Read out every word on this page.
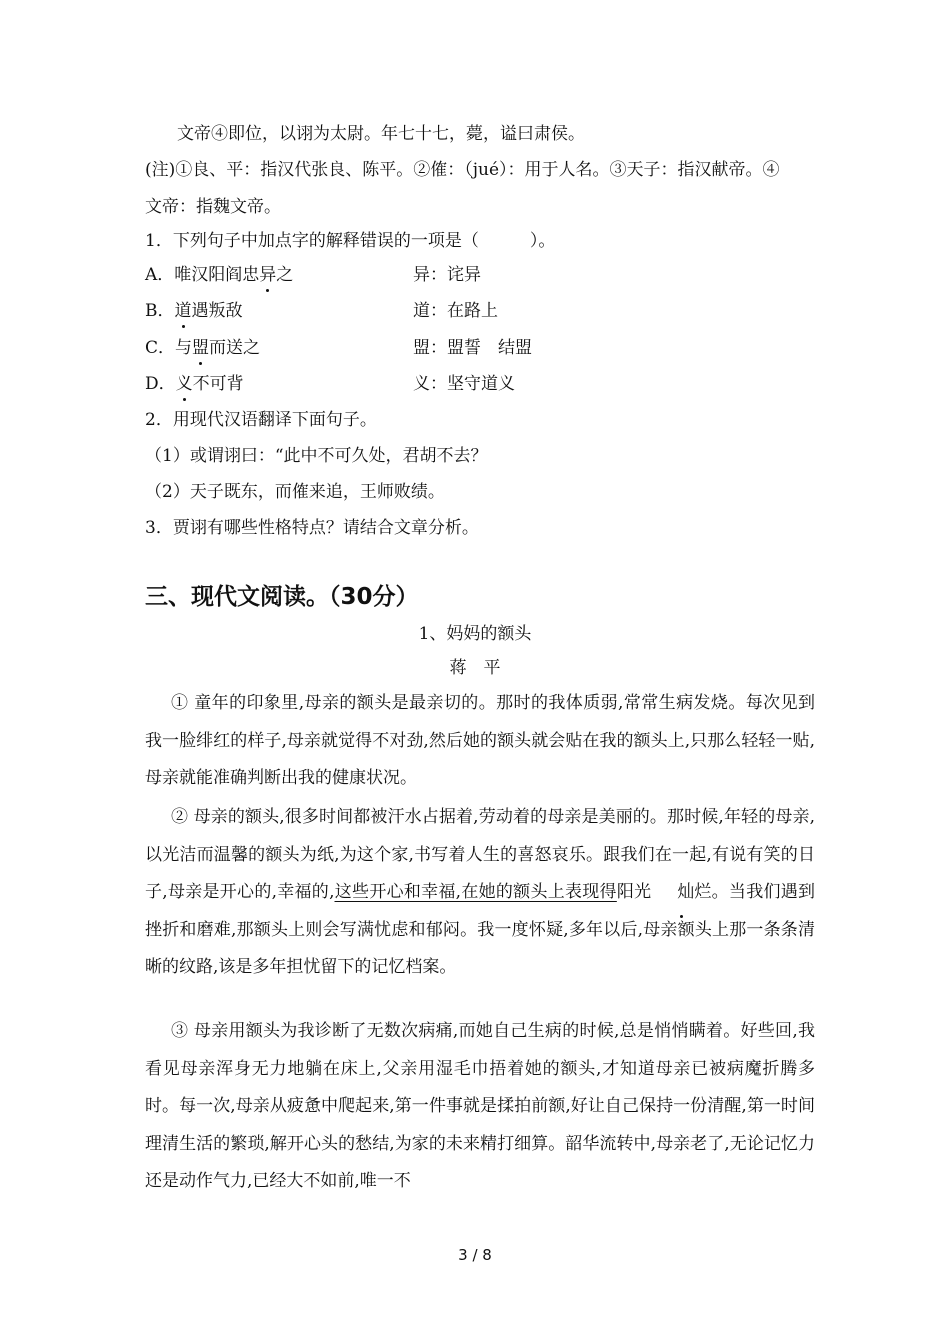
文帝④即位，以诩为太尉。年七十七，薨，谥曰肃侯。
(注)①良、平：指汉代张良、陈平。②傕：（jué）：用于人名。③天子：指汉献帝。④
文帝：指魏文帝。
1．下列句子中加点字的解释错误的一项是（　　　）。
A．唯汉阳阎忠异之	异：诧异
B．道遇叛敌	道：在路上
C．与盟而送之	盟：盟誓　结盟
D．义不可背	义：坚守道义
2．用现代汉语翻译下面句子。
（1）或谓诩曰：“此中不可久处，君胡不去？
（2）天子既东，而傕来追，王师败绩。
3．贾诩有哪些性格特点？请结合文章分析。
三、现代文阅读。（30分）
1、妈妈的额头
蒋　平
① 童年的印象里,母亲的额头是最亲切的。那时的我体质弱,常常生病发烧。每次见到我一脸绯红的样子,母亲就觉得不对劲,然后她的额头就会贴在我的额头上,只那么轻轻一贴,母亲就能准确判断出我的健康状况。
② 母亲的额头,很多时间都被汗水占据着,劳动着的母亲是美丽的。那时候,年轻的母亲,以光洁而温馨的额头为纸,为这个家,书写着人生的喜怒哀乐。跟我们在一起,有说有笑的日子,母亲是开心的,幸福的,这些开心和幸福,在她的额头上表现得阳光 灿烂。当我们遇到挫折和磨难,那额头上则会写满忧虑和郁闷。我一度怀疑,多年以后,母亲额头上那一条条清晰的纹路,该是多年担忧留下的记忆档案。
③ 母亲用额头为我诊断了无数次病痛,而她自己生病的时候,总是悄悄瞒着。好些回,我看见母亲浑身无力地躺在床上,父亲用湿毛巾捂着她的额头,才知道母亲已被病魔折腾多时。每一次,母亲从疲惫中爬起来,第一件事就是揉拍前额,好让自己保持一份清醒,第一时间理清生活的繁琐,解开心头的愁结,为家的未来精打细算。韶华流转中,母亲老了,无论记忆力还是动作气力,已经大不如前,唯一不
3 / 8
